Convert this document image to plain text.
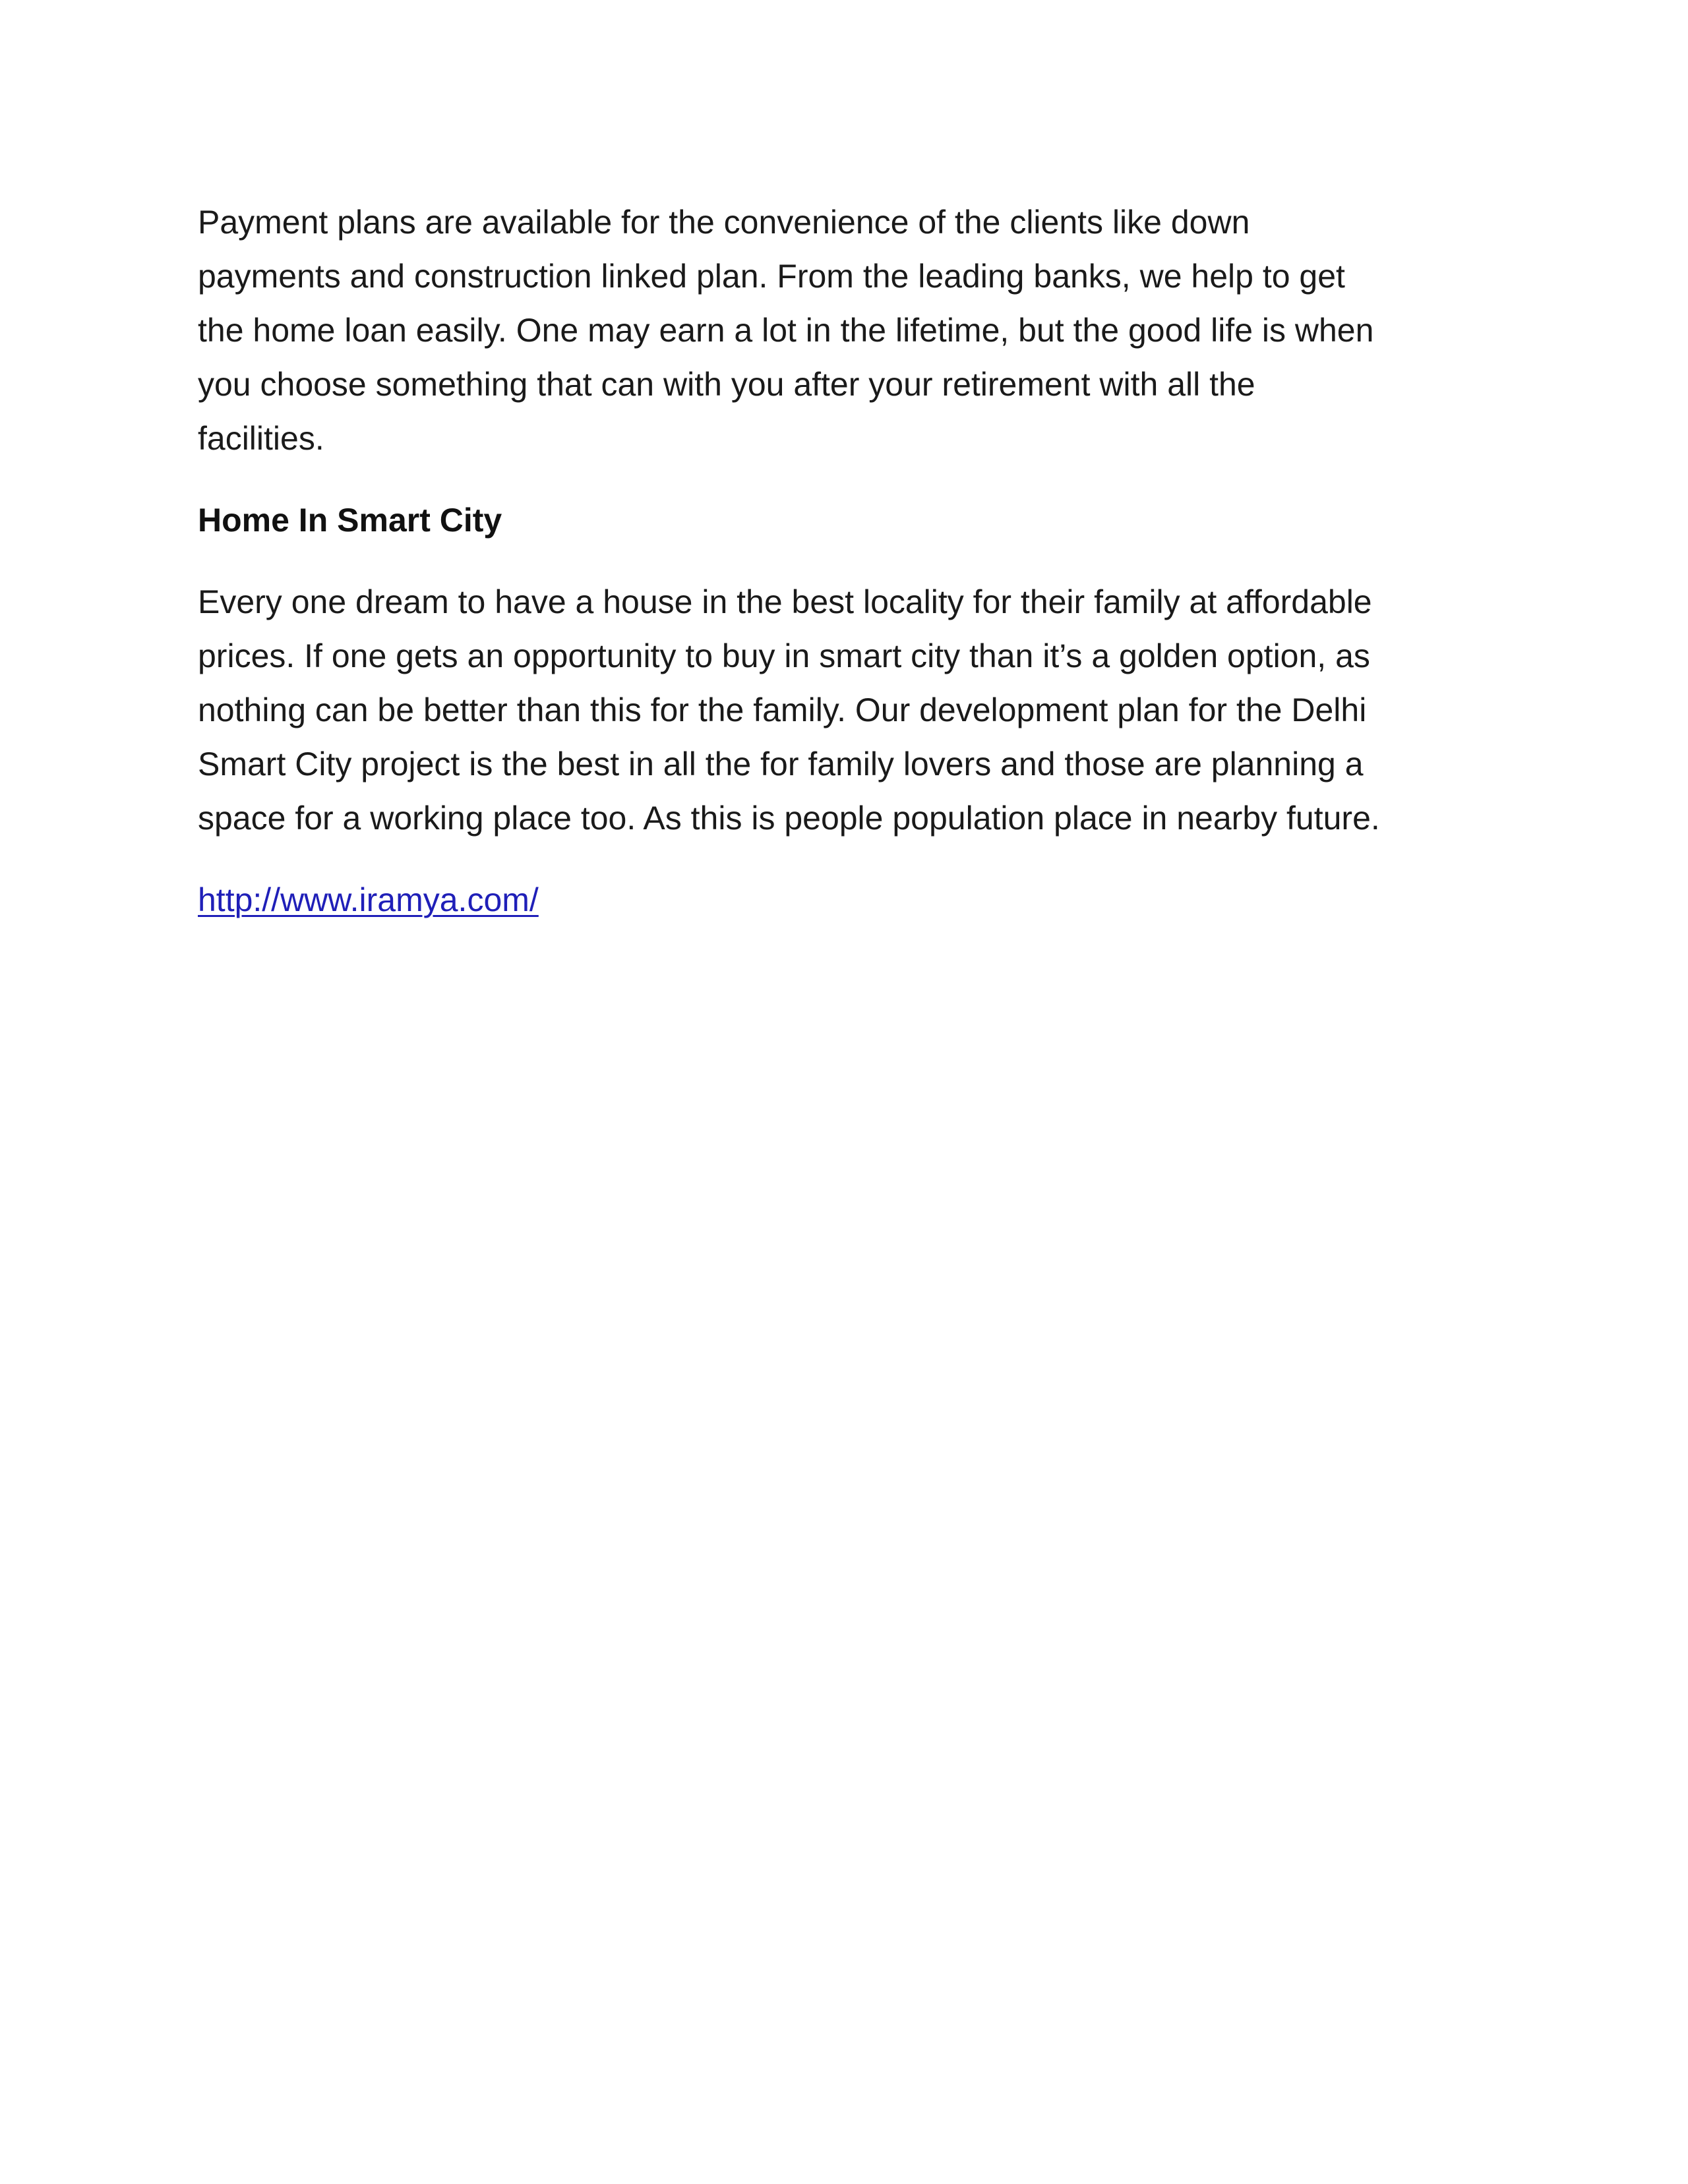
Payment plans are available for the convenience of the clients like down
payments and construction linked plan. From the leading banks, we help to get
the home loan easily. One may earn a lot in the lifetime, but the good life is when
you choose something that can with you after your retirement with all the
facilities.

Home In Smart City

Every one dream to have a house in the best locality for their family at affordable
prices. If one gets an opportunity to buy in smart city than it’s a golden option, as
nothing can be better than this for the family. Our development plan for the Delhi
Smart City project is the best in all the for family lovers and those are planning a
space for a working place too. As this is people population place in nearby future.

http://www.iramya.com/
